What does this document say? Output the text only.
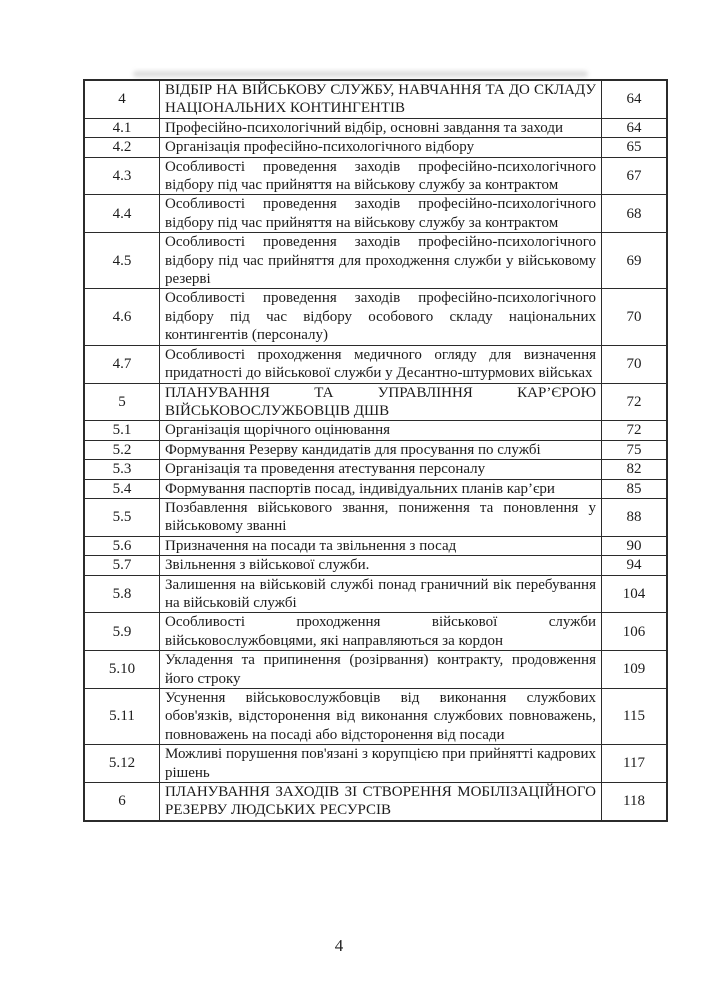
4	ВІДБІР НА ВІЙСЬКОВУ СЛУЖБУ, НАВЧАННЯ ТА ДО СКЛАДУ НАЦІОНАЛЬНИХ КОНТИНГЕНТІВ	64
4.1	Професійно-психологічний відбір, основні завдання та заходи	64
4.2	Організація професійно-психологічного відбору	65
4.3	Особливості проведення заходів професійно-психологічного відбору під час прийняття на військову службу за контрактом	67
4.4	Особливості проведення заходів професійно-психологічного відбору під час прийняття на військову службу за контрактом	68
4.5	Особливості проведення заходів професійно-психологічного відбору під час прийняття для проходження служби у військовому резерві	69
4.6	Особливості проведення заходів професійно-психологічного відбору під час відбору особового складу національних контингентів (персоналу)	70
4.7	Особливості проходження медичного огляду для визначення придатності до військової служби у Десантно-штурмових військах	70
5	ПЛАНУВАННЯ ТА УПРАВЛІННЯ КАР’ЄРОЮ ВІЙСЬКОВОСЛУЖБОВЦІВ ДШВ	72
5.1	Організація щорічного оцінювання	72
5.2	Формування Резерву кандидатів для просування по службі	75
5.3	Організація та проведення атестування персоналу	82
5.4	Формування паспортів посад, індивідуальних планів кар’єри	85
5.5	Позбавлення військового звання, пониження та поновлення у військовому званні	88
5.6	Призначення на посади та звільнення з посад	90
5.7	Звільнення з військової служби.	94
5.8	Залишення на військовій службі понад граничний вік перебування на військовій службі	104
5.9	Особливості проходження військової служби військовослужбовцями, які направляються за кордон	106
5.10	Укладення та припинення (розірвання) контракту, продовження його строку	109
5.11	Усунення військовослужбовців від виконання службових обов'язків, відсторонення від виконання службових повноважень, повноважень на посаді або відсторонення від посади	115
5.12	Можливі порушення пов'язані з корупцією при прийнятті кадрових рішень	117
6	ПЛАНУВАННЯ ЗАХОДІВ ЗІ СТВОРЕННЯ МОБІЛІЗАЦІЙНОГО РЕЗЕРВУ ЛЮДСЬКИХ РЕСУРСІВ	118
4
